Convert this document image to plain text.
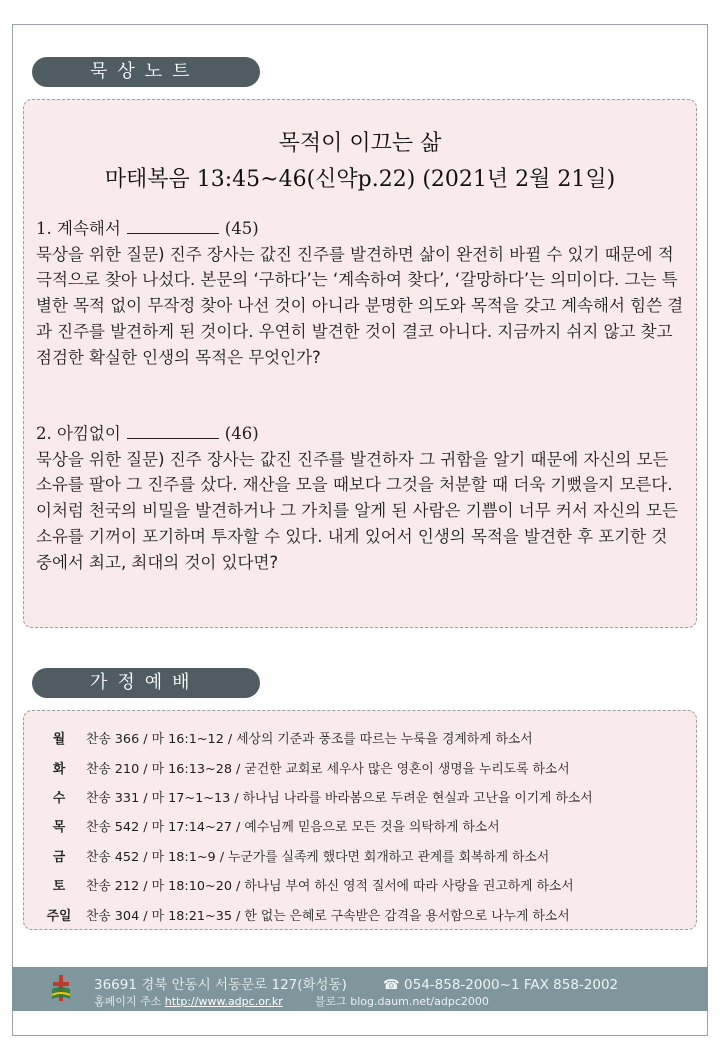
묵상노트
목적이 이끄는 삶
마태복음 13:45~46(신약p.22) (2021년 2월 21일)
1. 계속해서	(45)
묵상을 위한 질문) 진주 장사는 값진 진주를 발견하면 삶이 완전히 바뀔 수 있기 때문에 적극적으로 찾아 나섰다. 본문의 ‘구하다’는 ‘계속하여 찾다’, ‘갈망하다’는 의미이다. 그는 특별한 목적 없이 무작정 찾아 나선 것이 아니라 분명한 의도와 목적을 갖고 계속해서 힘쓴 결과 진주를 발견하게 된 것이다. 우연히 발견한 것이 결코 아니다. 지금까지 쉬지 않고 찾고 점검한 확실한 인생의 목적은 무엇인가?
2. 아낌없이	(46)
묵상을 위한 질문) 진주 장사는 값진 진주를 발견하자 그 귀함을 알기 때문에 자신의 모든 소유를 팔아 그 진주를 샀다. 재산을 모을 때보다 그것을 처분할 때 더욱 기뻤을지 모른다. 이처럼 천국의 비밀을 발견하거나 그 가치를 알게 된 사람은 기쁨이 너무 커서 자신의 모든 소유를 기꺼이 포기하며 투자할 수 있다. 내게 있어서 인생의 목적을 발견한 후 포기한 것 중에서 최고, 최대의 것이 있다면?
가정예배
월	찬송 366 / 마 16:1~12 / 세상의 기준과 풍조를 따르는 누룩을 경계하게 하소서
화	찬송 210 / 마 16:13~28 / 굳건한 교회로 세우사 많은 영혼이 생명을 누리도록 하소서
수	찬송 331 / 마 17~1~13 / 하나님 나라를 바라봄으로 두려운 현실과 고난을 이기게 하소서
목	찬송 542 / 마 17:14~27 / 예수님께 믿음으로 모든 것을 의탁하게 하소서
금	찬송 452 / 마 18:1~9 / 누군가를 실족케 했다면 회개하고 관계를 회복하게 하소서
토	찬송 212 / 마 18:10~20 / 하나님 부여 하신 영적 질서에 따라 사랑을 권고하게 하소서
주일	찬송 304 / 마 18:21~35 / 한 없는 은혜로 구속받은 감격을 용서함으로 나누게 하소서
36691 경북 안동시 서동문로 127(화성동)	☎ 054-858-2000~1 FAX 858-2002
홈페이지 주소 http://www.adpc.or.kr	블로그 blog.daum.net/adpc2000
